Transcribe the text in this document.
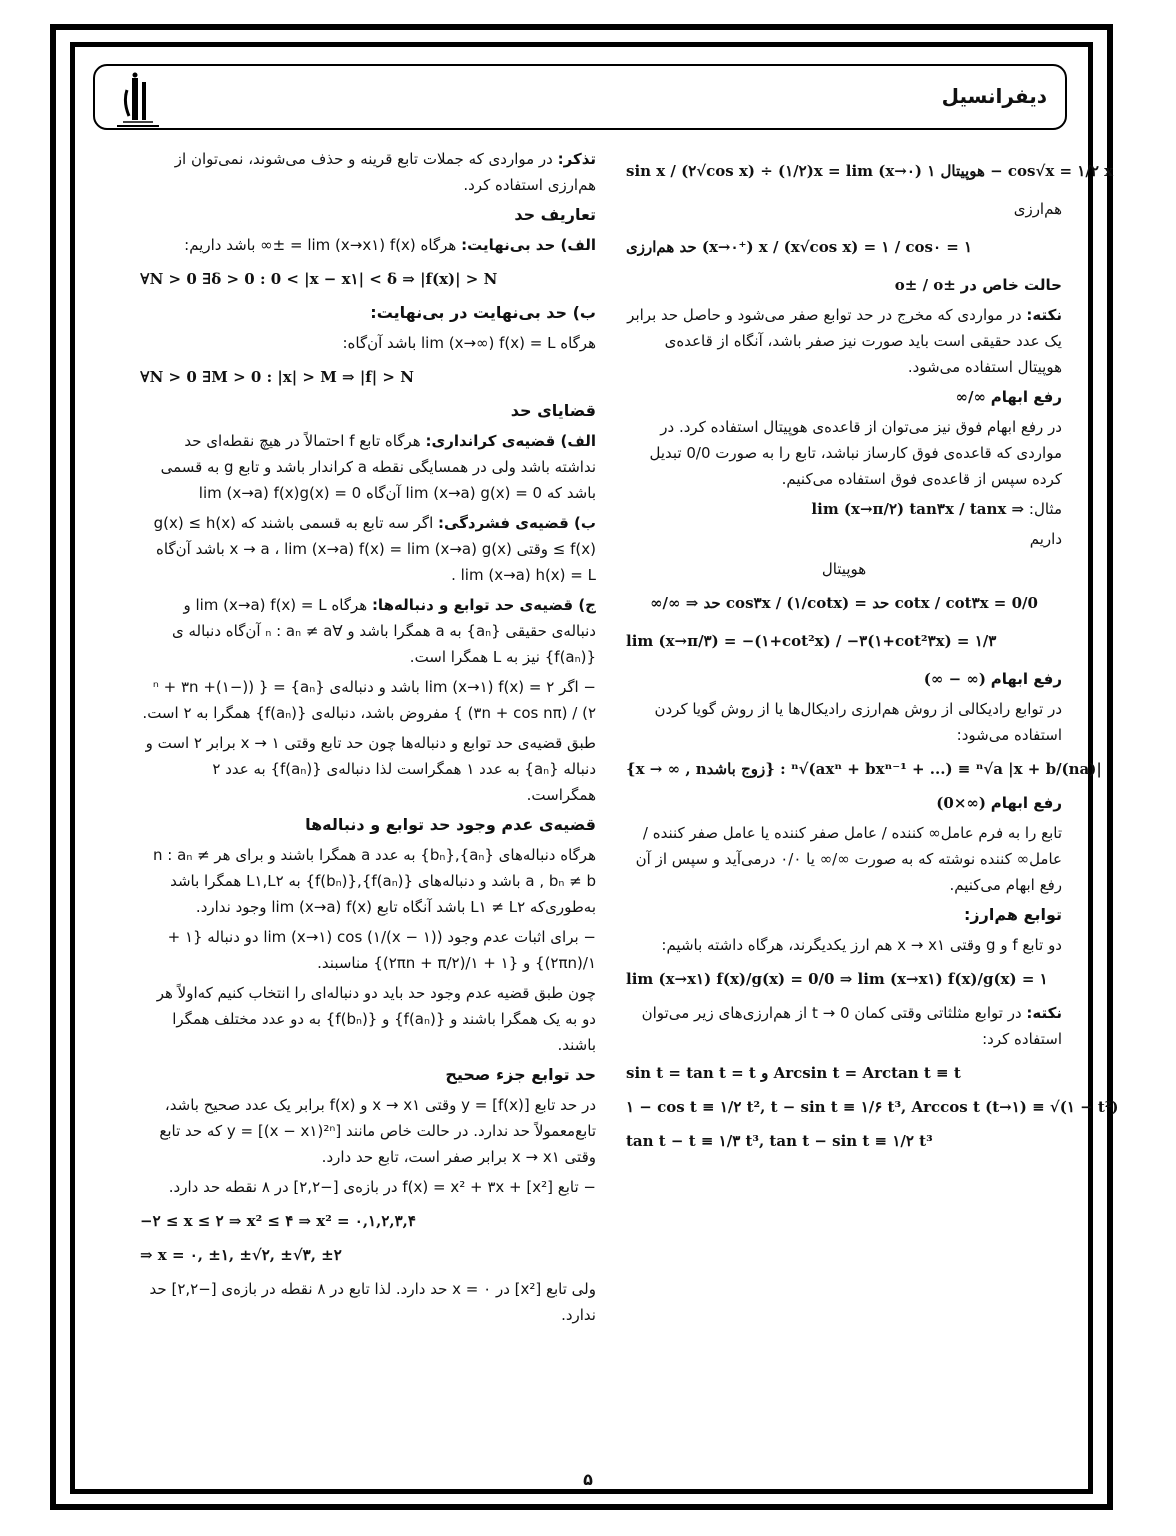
دیفرانسیل
sin x / (۲√cos x) ÷ (۱/۲)x = lim (x→۰) هوپیتال ۱ − cos√x = ۱/۲ x
هم‌ارزی
حد هم‌ارزی (x→۰⁺) x / (x√cos x) = ۱ / cos۰ = ۱
حالت خاص در o± / o±
نکته: در مواردی که مخرج در حد توابع صفر می‌شود و حاصل حد برابر یک عدد حقیقی است باید صورت نیز صفر باشد، آنگاه از قاعده‌ی هوپیتال استفاده می‌شود.
رفع ابهام ∞/∞
در رفع ابهام فوق نیز می‌توان از قاعده‌ی هوپیتال استفاده کرد. در مواردی که قاعده‌ی فوق کارساز نباشد، تابع را به صورت 0/0 تبدیل کرده سپس از قاعده‌ی فوق استفاده می‌کنیم.
مثال: lim (x→π/۲) tan۳x / tanx ⇒
داریم
هوپیتال
∞/∞ ⇒ حد cos۳x / (۱/cotx) = حد cotx / cot۳x = 0/0
lim (x→π/۳) = −(۱+cot²x) / −۳(۱+cot²۳x) = ۱/۳
رفع ابهام (∞ − ∞)
در توابع رادیکالی از روش هم‌ارزی رادیکال‌ها یا از روش گویا کردن استفاده می‌شود:
{x → ∞ , nزوج باشد} : ⁿ√(axⁿ + bxⁿ⁻¹ + ...) ≡ ⁿ√a |x + b/(na)|
رفع ابهام (0×∞)
تابع را به فرم عامل∞ کننده / عامل صفر کننده یا عامل صفر کننده / عامل∞ کننده نوشته که به صورت ∞/∞ یا ۰/۰ درمی‌آید و سپس از آن رفع ابهام می‌کنیم.
توابع هم‌ارز:
دو تابع f و g وقتی x → x۱ هم ارز یکدیگرند، هرگاه داشته باشیم:
lim (x→x۱) f(x)/g(x) = 0/0 ⇒ lim (x→x۱) f(x)/g(x) = ۱
نکته: در توابع مثلثاتی وقتی کمان t → 0 از هم‌ارزی‌های زیر می‌توان استفاده کرد:
sin t = tan t = t و Arcsin t = Arctan t ≡ t
۱ − cos t ≡ ۱/۲ t², t − sin t ≡ ۱/۶ t³, Arccos t (t→۱) ≡ √(۱ − t²)
tan t − t ≡ ۱/۳ t³, tan t − sin t ≡ ۱/۲ t³
تذکر: در مواردی که جملات تابع قرینه و حذف می‌شوند، نمی‌توان از هم‌ارزی استفاده کرد.
تعاریف حد
الف) حد بی‌نهایت: هرگاه lim (x→x۱) f(x) = ±∞ باشد داریم:
∀N > 0 ∃δ > 0 : 0 < |x − x۱| < δ ⇒ |f(x)| > N
ب) حد بی‌نهایت در بی‌نهایت:
هرگاه lim (x→∞) f(x) = L باشد آن‌گاه:
∀N > 0 ∃M > 0 : |x| > M ⇒ |f| > N
قضایای حد
الف) قضیه‌ی کرانداری: هرگاه تابع f احتمالاً در هیچ نقطه‌ای حد نداشته باشد ولی در همسایگی نقطه a کراندار باشد و تابع g به قسمی باشد که lim (x→a) g(x) = 0 آن‌گاه lim (x→a) f(x)g(x) = 0
ب) قضیه‌ی فشردگی: اگر سه تابع به قسمی باشند که g(x) ≤ h(x) ≤ f(x) وقتی x → a ، lim (x→a) f(x) = lim (x→a) g(x) باشد آن‌گاه lim (x→a) h(x) = L .
ج) قضیه‌ی حد توابع و دنباله‌ها: هرگاه lim (x→a) f(x) = L و دنباله‌ی حقیقی {aₙ} به a همگرا باشد و ∀ₙ : aₙ ≠ a آن‌گاه دنباله ی {f(aₙ)} نیز به L همگرا است.
− اگر lim (x→۱) f(x) = ۲ باشد و دنباله‌ی {aₙ} = { ((−۱)ⁿ + ۳n + ۲) / (۳n + cos nπ) } مفروض باشد، دنباله‌ی {f(aₙ)} همگرا به ۲ است.
طبق قضیه‌ی حد توابع و دنباله‌ها چون حد تابع وقتی x → ۱ برابر ۲ است و دنباله {aₙ} به عدد ۱ همگراست لذا دنباله‌ی {f(aₙ)} به عدد ۲ همگراست.
قضیه‌ی عدم وجود حد توابع و دنباله‌ها
هرگاه دنباله‌های {aₙ},{bₙ} به عدد a همگرا باشند و برای هر n : aₙ ≠ a , bₙ ≠ b باشد و دنباله‌های {f(aₙ)},{f(bₙ)} به L۱,L۲ همگرا باشد به‌طوری‌که L۱ ≠ L۲ باشد آنگاه تابع lim (x→a) f(x) وجود ندارد.
− برای اثبات عدم وجود lim (x→۱) cos (۱/(x − ۱)) دو دنباله {۱ + ۱/(۲πn)} و {۱ + ۱/(۲πn + π/۲)} مناسبند.
چون طبق قضیه عدم وجود حد باید دو دنباله‌ای را انتخاب کنیم که‌اولاً هر دو به یک همگرا باشند و {f(aₙ)} و {f(bₙ)} به دو عدد مختلف همگرا باشند.
حد توابع جزء صحیح
در حد تابع y = [f(x)] وقتی x → x۱ و f(x) برابر یک عدد صحیح باشد، تابع‌معمولاً حد ندارد. در حالت خاص مانند y = [(x − x۱)²ⁿ] که حد تابع وقتی x → x۱ برابر صفر است، تابع حد دارد.
− تابع f(x) = x² + ۳x + [x²] در بازه‌ی [−۲,۲] در ۸ نقطه حد دارد.
−۲ ≤ x ≤ ۲ ⇒ x² ≤ ۴ ⇒ x² = ۰,۱,۲,۳,۴
⇒ x = ۰, ±۱, ±√۲, ±√۳, ±۲
ولی تابع [x²] در x = ۰ حد دارد. لذا تابع در ۸ نقطه در بازه‌ی [−۲,۲] حد ندارد.
۵
